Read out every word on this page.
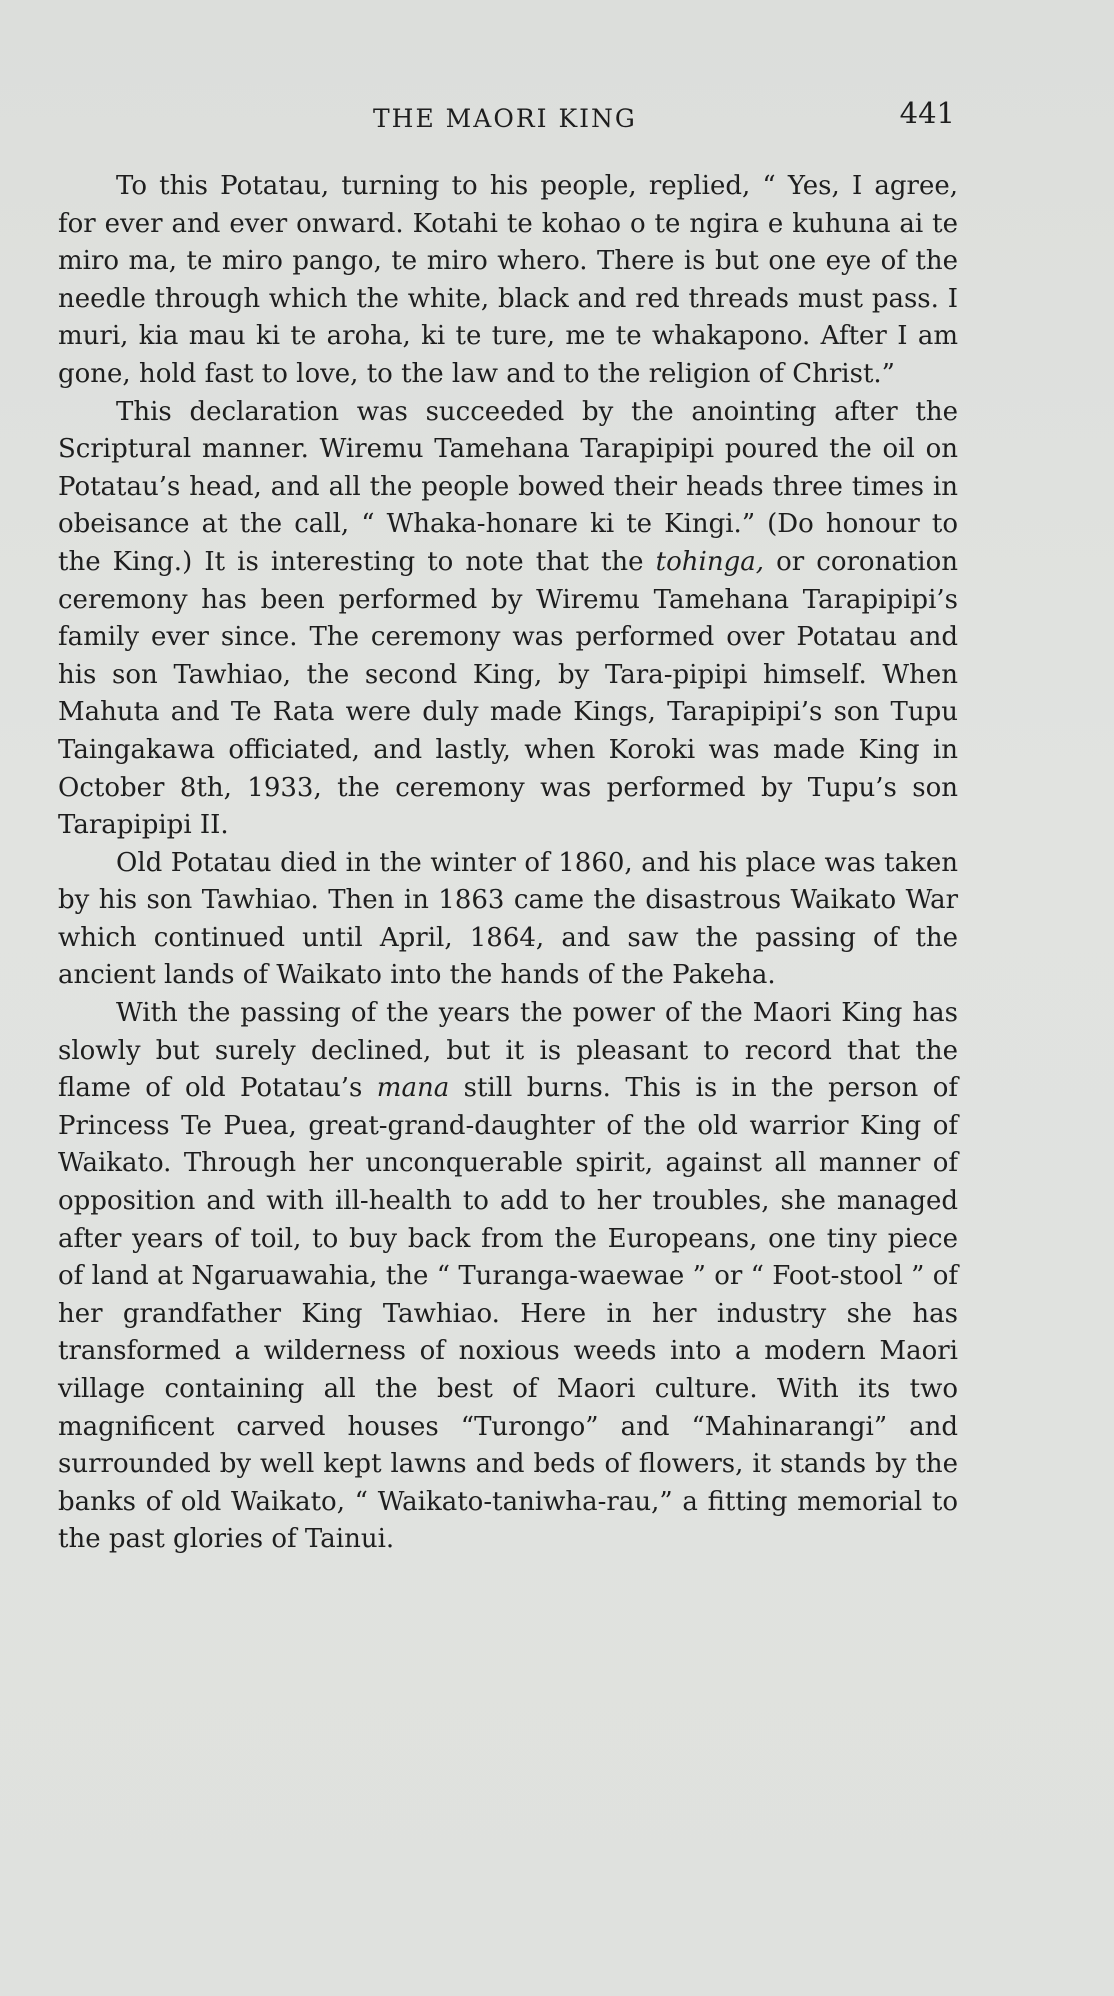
THE MAORI KING	441

To this Potatau, turning to his people, replied, “ Yes, I agree, for ever and ever onward. Kotahi te kohao o te ngira e kuhuna ai te miro ma, te miro pango, te miro whero. There is but one eye of the needle through which the white, black and red threads must pass. I muri, kia mau ki te aroha, ki te ture, me te whakapono. After I am gone, hold fast to love, to the law and to the religion of Christ.”

This declaration was succeeded by the anointing after the Scriptural manner. Wiremu Tamehana Tarapipipi poured the oil on Potatau’s head, and all the people bowed their heads three times in obeisance at the call, “ Whaka-honare ki te Kingi.” (Do honour to the King.) It is interesting to note that the tohinga, or coronation ceremony has been performed by Wiremu Tamehana Tarapipipi’s family ever since. The ceremony was performed over Potatau and his son Tawhiao, the second King, by Tara-pipipi himself. When Mahuta and Te Rata were duly made Kings, Tarapipipi’s son Tupu Taingakawa officiated, and lastly, when Koroki was made King in October 8th, 1933, the ceremony was performed by Tupu’s son Tarapipipi II.

Old Potatau died in the winter of 1860, and his place was taken by his son Tawhiao. Then in 1863 came the disastrous Waikato War which continued until April, 1864, and saw the passing of the ancient lands of Waikato into the hands of the Pakeha.

With the passing of the years the power of the Maori King has slowly but surely declined, but it is pleasant to record that the flame of old Potatau’s mana still burns. This is in the person of Princess Te Puea, great-grand-daughter of the old warrior King of Waikato. Through her unconquerable spirit, against all manner of opposition and with ill-health to add to her troubles, she managed after years of toil, to buy back from the Europeans, one tiny piece of land at Ngaruawahia, the “ Turanga-waewae ” or “ Foot-stool ” of her grandfather King Tawhiao. Here in her industry she has transformed a wilderness of noxious weeds into a modern Maori village containing all the best of Maori culture. With its two magnificent carved houses “Turongo” and “Mahinarangi” and surrounded by well kept lawns and beds of flowers, it stands by the banks of old Waikato, “ Waikato-taniwha-rau,” a fitting memorial to the past glories of Tainui.
